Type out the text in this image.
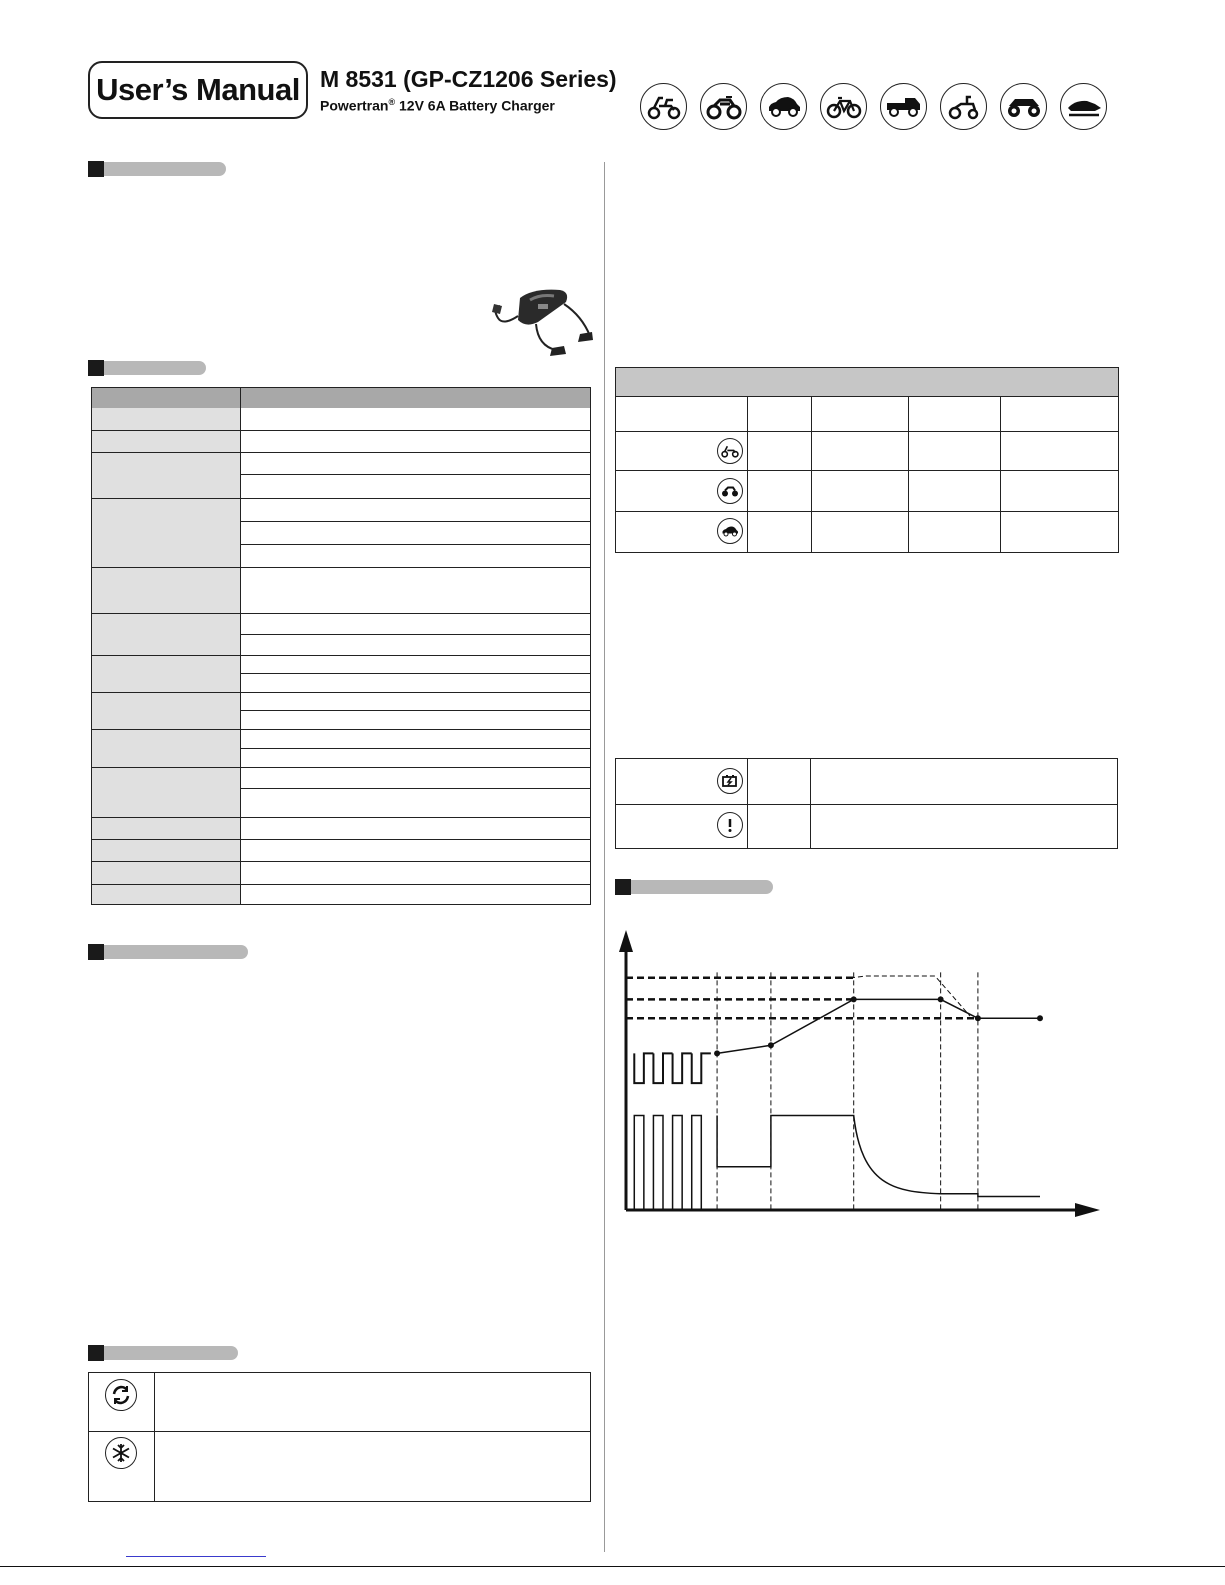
User’s Manual M 8531 (GP-CZ1206 Series)
Powertran® 12V 6A Battery Charger
